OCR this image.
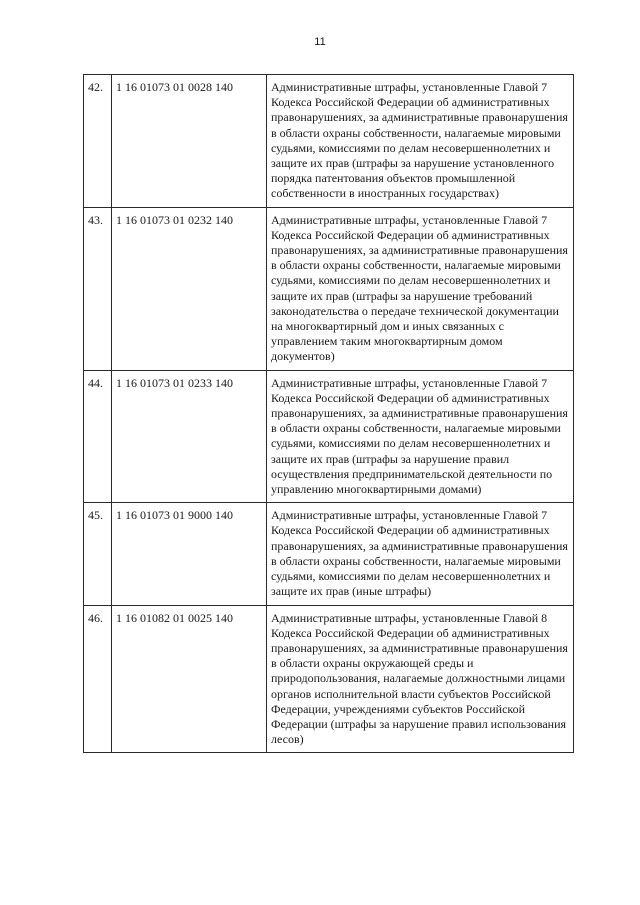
11
42.	1 16 01073 01 0028 140	Административные штрафы, установленные Главой 7 Кодекса Российской Федерации об административных правонарушениях, за административные правонарушения в области охраны собственности, налагаемые мировыми судьями, комиссиями по делам несовершеннолетних и защите их прав (штрафы за нарушение установленного порядка патентования объектов промышленной собственности в иностранных государствах)
43.	1 16 01073 01 0232 140	Административные штрафы, установленные Главой 7 Кодекса Российской Федерации об административных правонарушениях, за административные правонарушения в области охраны собственности, налагаемые мировыми судьями, комиссиями по делам несовершеннолетних и защите их прав (штрафы за нарушение требований законодательства о передаче технической документации на многоквартирный дом и иных связанных с управлением таким многоквартирным домом документов)
44.	1 16 01073 01 0233 140	Административные штрафы, установленные Главой 7 Кодекса Российской Федерации об административных правонарушениях, за административные правонарушения в области охраны собственности, налагаемые мировыми судьями, комиссиями по делам несовершеннолетних и защите их прав (штрафы за нарушение правил осуществления предпринимательской деятельности по управлению многоквартирными домами)
45.	1 16 01073 01 9000 140	Административные штрафы, установленные Главой 7 Кодекса Российской Федерации об административных правонарушениях, за административные правонарушения в области охраны собственности, налагаемые мировыми судьями, комиссиями по делам несовершеннолетних и защите их прав (иные штрафы)
46.	1 16 01082 01 0025 140	Административные штрафы, установленные Главой 8 Кодекса Российской Федерации об административных правонарушениях, за административные правонарушения в области охраны окружающей среды и природопользования, налагаемые должностными лицами органов исполнительной власти субъектов Российской Федерации, учреждениями субъектов Российской Федерации (штрафы за нарушение правил использования лесов)
